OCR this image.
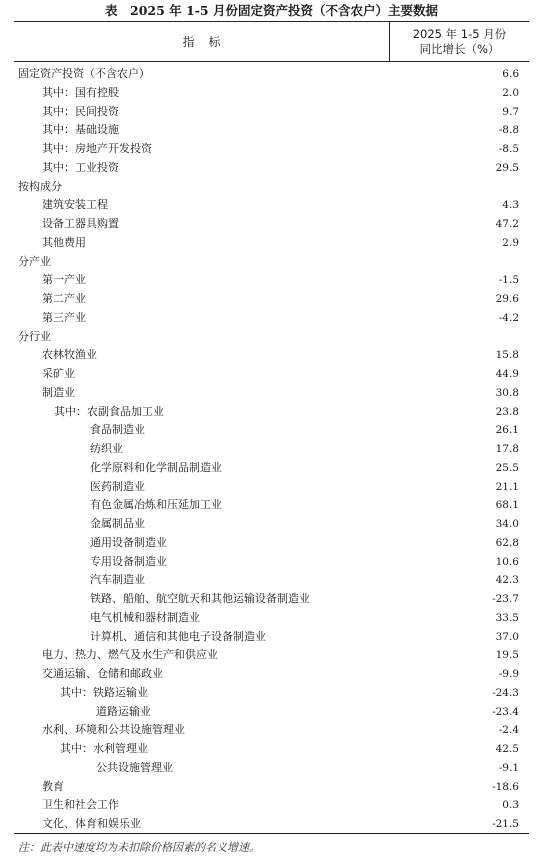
表　2025 年 1-5 月份固定资产投资（不含农户）主要数据
指标
2025 年 1-5 月份
同比增长（%）
固定资产投资（不含农户）	6.6
其中：国有控股	2.0
其中：民间投资	9.7
其中：基础设施	-8.8
其中：房地产开发投资	-8.5
其中：工业投资	29.5
按构成分
建筑安装工程	4.3
设备工器具购置	47.2
其他费用	2.9
分产业
第一产业	-1.5
第二产业	29.6
第三产业	-4.2
分行业
农林牧渔业	15.8
采矿业	44.9
制造业	30.8
其中：农副食品加工业	23.8
食品制造业	26.1
纺织业	17.8
化学原料和化学制品制造业	25.5
医药制造业	21.1
有色金属冶炼和压延加工业	68.1
金属制品业	34.0
通用设备制造业	62.8
专用设备制造业	10.6
汽车制造业	42.3
铁路、船舶、航空航天和其他运输设备制造业	-23.7
电气机械和器材制造业	33.5
计算机、通信和其他电子设备制造业	37.0
电力、热力、燃气及水生产和供应业	19.5
交通运输、仓储和邮政业	-9.9
其中：铁路运输业	-24.3
道路运输业	-23.4
水利、环境和公共设施管理业	-2.4
其中：水利管理业	42.5
公共设施管理业	-9.1
教育	-18.6
卫生和社会工作	0.3
文化、体育和娱乐业	-21.5
注：此表中速度均为未扣除价格因素的名义增速。
